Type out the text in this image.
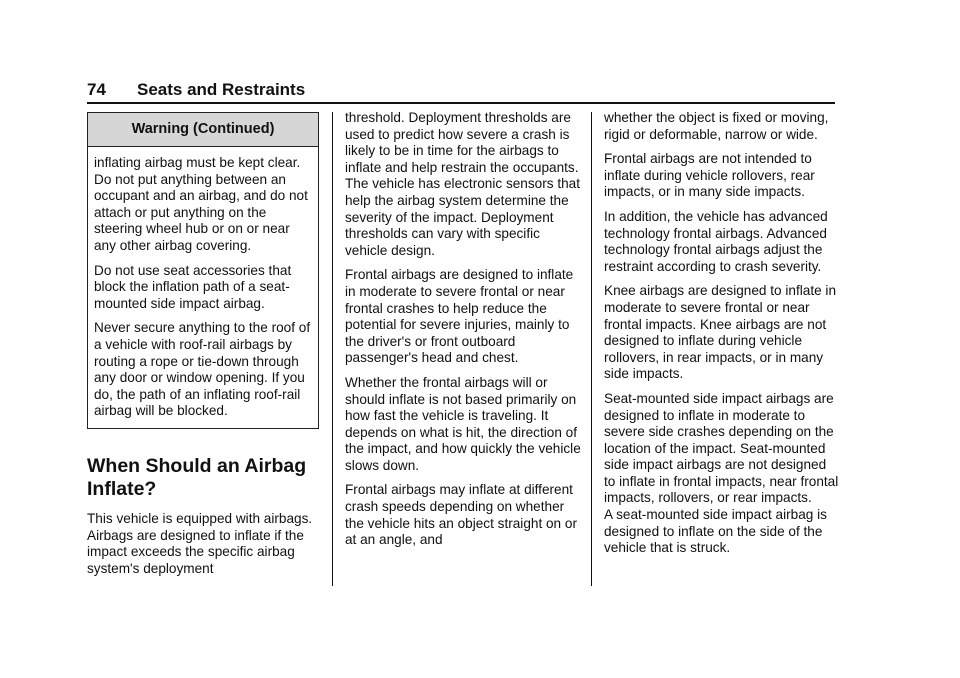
74 Seats and Restraints
Warning (Continued)

inflating airbag must be kept clear. Do not put anything between an occupant and an airbag, and do not attach or put anything on the steering wheel hub or on or near any other airbag covering.

Do not use seat accessories that block the inflation path of a seat-mounted side impact airbag.

Never secure anything to the roof of a vehicle with roof-rail airbags by routing a rope or tie-down through any door or window opening. If you do, the path of an inflating roof-rail airbag will be blocked.

When Should an Airbag Inflate?

This vehicle is equipped with airbags. Airbags are designed to inflate if the impact exceeds the specific airbag system's deployment

threshold. Deployment thresholds are used to predict how severe a crash is likely to be in time for the airbags to inflate and help restrain the occupants. The vehicle has electronic sensors that help the airbag system determine the severity of the impact. Deployment thresholds can vary with specific vehicle design.

Frontal airbags are designed to inflate in moderate to severe frontal or near frontal crashes to help reduce the potential for severe injuries, mainly to the driver's or front outboard passenger's head and chest.

Whether the frontal airbags will or should inflate is not based primarily on how fast the vehicle is traveling. It depends on what is hit, the direction of the impact, and how quickly the vehicle slows down.

Frontal airbags may inflate at different crash speeds depending on whether the vehicle hits an object straight on or at an angle, and

whether the object is fixed or moving, rigid or deformable, narrow or wide.

Frontal airbags are not intended to inflate during vehicle rollovers, rear impacts, or in many side impacts.

In addition, the vehicle has advanced technology frontal airbags. Advanced technology frontal airbags adjust the restraint according to crash severity.

Knee airbags are designed to inflate in moderate to severe frontal or near frontal impacts. Knee airbags are not designed to inflate during vehicle rollovers, in rear impacts, or in many side impacts.

Seat-mounted side impact airbags are designed to inflate in moderate to severe side crashes depending on the location of the impact. Seat-mounted side impact airbags are not designed to inflate in frontal impacts, near frontal impacts, rollovers, or rear impacts.

A seat-mounted side impact airbag is designed to inflate on the side of the vehicle that is struck.
